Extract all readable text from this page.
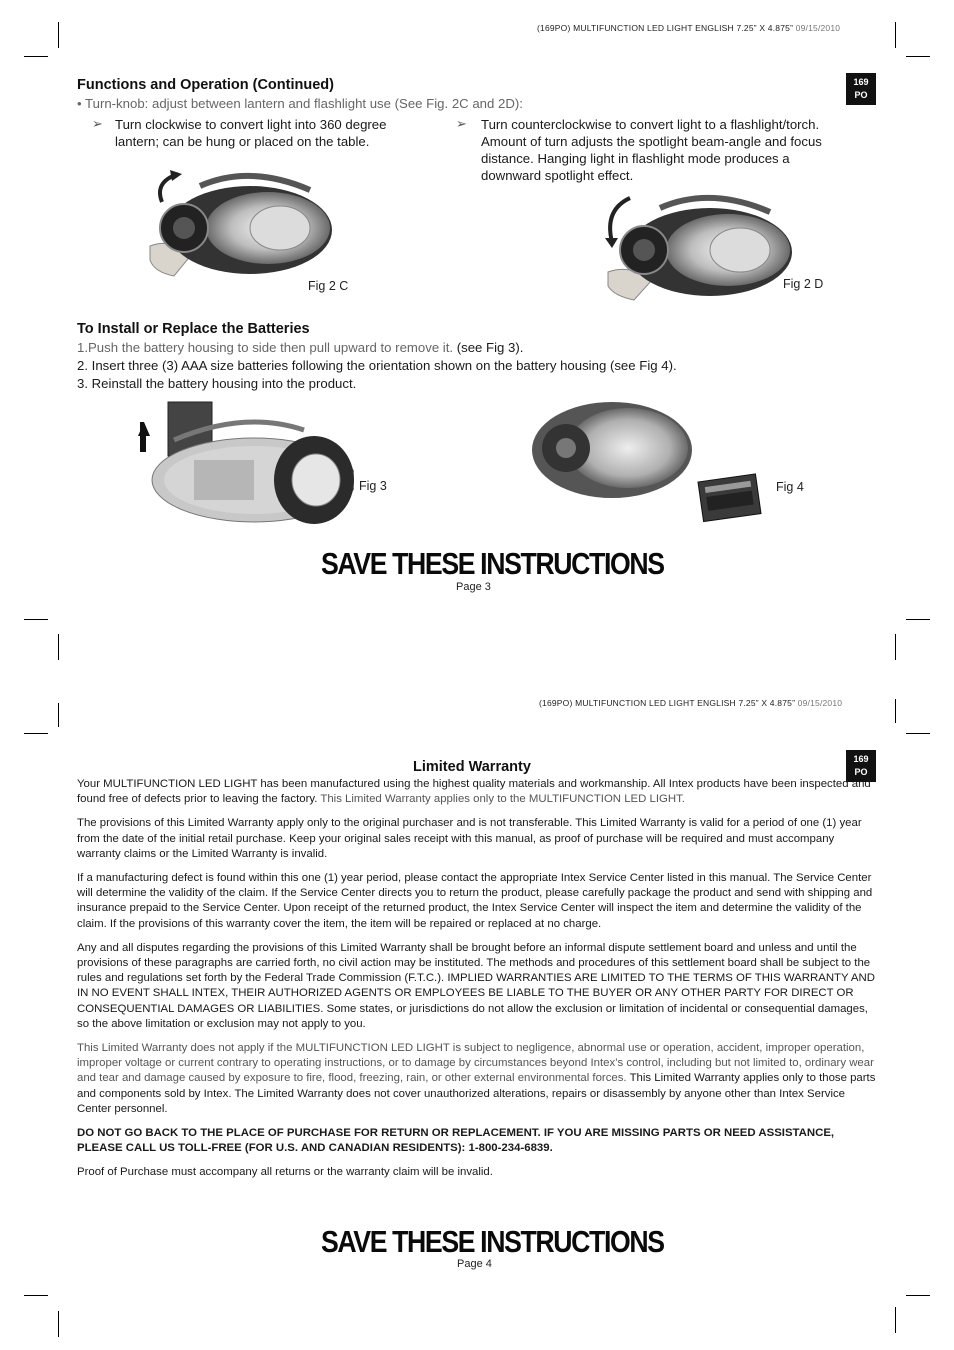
(169PO) MULTIFUNCTION LED LIGHT ENGLISH 7.25” X 4.875” 09/15/2010
169
PO
Functions and Operation (Continued)
• Turn-knob: adjust between lantern and flashlight use (See Fig. 2C and 2D):
➢ Turn clockwise to convert light into 360 degree
lantern; can be hung or placed on the table.
➢ Turn counterclockwise to convert light to a flashlight/torch.
Amount of turn adjusts the spotlight beam-angle and focus
distance. Hanging light in flashlight mode produces a
downward spotlight effect.
Fig 2 C	Fig 2 D
To Install or Replace the Batteries
1.Push the battery housing to side then pull upward to remove it. (see Fig 3).
2. Insert three (3) AAA size batteries following the orientation shown on the battery housing (see Fig 4).
3. Reinstall the battery housing into the product.
Fig 3	Fig 4
SAVE THESE INSTRUCTIONS
Page 3
(169PO) MULTIFUNCTION LED LIGHT ENGLISH 7.25” X 4.875” 09/15/2010
169
PO
Limited Warranty

Your MULTIFUNCTION LED LIGHT has been manufactured using the highest quality materials and workmanship. All Intex products have been inspected and found free of defects prior to leaving the factory. This Limited Warranty applies only to the MULTIFUNCTION LED LIGHT.

The provisions of this Limited Warranty apply only to the original purchaser and is not transferable. This Limited Warranty is valid for a period of one (1) year from the date of the initial retail purchase. Keep your original sales receipt with this manual, as proof of purchase will be required and must accompany warranty claims or the Limited Warranty is invalid.

If a manufacturing defect is found within this one (1) year period, please contact the appropriate Intex Service Center listed in this manual. The Service Center will determine the validity of the claim. If the Service Center directs you to return the product, please carefully package the product and send with shipping and insurance prepaid to the Service Center. Upon receipt of the returned product, the Intex Service Center will inspect the item and determine the validity of the claim. If the provisions of this warranty cover the item, the item will be repaired or replaced at no charge.

Any and all disputes regarding the provisions of this Limited Warranty shall be brought before an informal dispute settlement board and unless and until the provisions of these paragraphs are carried forth, no civil action may be instituted. The methods and procedures of this settlement board shall be subject to the rules and regulations set forth by the Federal Trade Commission (F.T.C.). IMPLIED WARRANTIES ARE LIMITED TO THE TERMS OF THIS WARRANTY AND IN NO EVENT SHALL INTEX, THEIR AUTHORIZED AGENTS OR EMPLOYEES BE LIABLE TO THE BUYER OR ANY OTHER PARTY FOR DIRECT OR CONSEQUENTIAL DAMAGES OR LIABILITIES. Some states, or jurisdictions do not allow the exclusion or limitation of incidental or consequential damages, so the above limitation or exclusion may not apply to you.

This Limited Warranty does not apply if the MULTIFUNCTION LED LIGHT is subject to negligence, abnormal use or operation, accident, improper operation, improper voltage or current contrary to operating instructions, or to damage by circumstances beyond Intex’s control, including but not limited to, ordinary wear and tear and damage caused by exposure to fire, flood, freezing, rain, or other external environmental forces. This Limited Warranty applies only to those parts and components sold by Intex. The Limited Warranty does not cover unauthorized alterations, repairs or disassembly by anyone other than Intex Service Center personnel.

DO NOT GO BACK TO THE PLACE OF PURCHASE FOR RETURN OR REPLACEMENT. IF YOU ARE MISSING PARTS OR NEED ASSISTANCE, PLEASE CALL US TOLL-FREE (FOR U.S. AND CANADIAN RESIDENTS): 1-800-234-6839.

Proof of Purchase must accompany all returns or the warranty claim will be invalid.

SAVE THESE INSTRUCTIONS
Page 4
